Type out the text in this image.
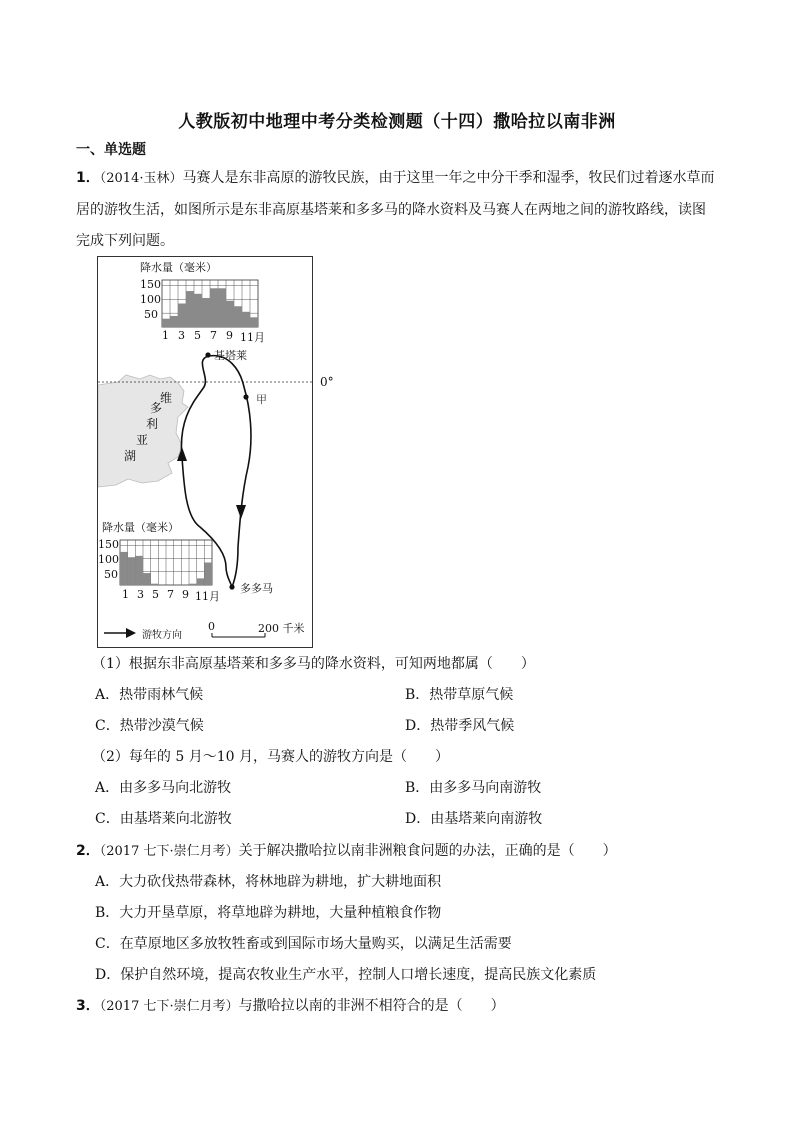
人教版初中地理中考分类检测题（十四）撒哈拉以南非洲
一、单选题
1．（2014·玉林）马赛人是东非高原的游牧民族，由于这里一年之中分干季和湿季，牧民们过着逐水草而居的游牧生活，如图所示是东非高原基塔莱和多多马的降水资料及马赛人在两地之间的游牧路线，读图完成下列问题。
降水量（毫米）
150
100
50
1 3 5 7 9 11月
基塔莱
0°
甲
维
多
利
亚
湖
降水量（毫米）
150
100
50
1 3 5 7 9 11月
多多马
游牧方向
0	200 千米
（1）根据东非高原基塔莱和多多马的降水资料，可知两地都属（　　）
A．热带雨林气候	B．热带草原气候
C．热带沙漠气候	D．热带季风气候
（2）每年的 5 月～10 月，马赛人的游牧方向是（　　）
A．由多多马向北游牧	B．由多多马向南游牧
C．由基塔莱向北游牧	D．由基塔莱向南游牧
2．（2017 七下·崇仁月考）关于解决撒哈拉以南非洲粮食问题的办法，正确的是（　　）
A．大力砍伐热带森林，将林地辟为耕地，扩大耕地面积
B．大力开垦草原，将草地辟为耕地，大量种植粮食作物
C．在草原地区多放牧牲畜或到国际市场大量购买，以满足生活需要
D．保护自然环境，提高农牧业生产水平，控制人口增长速度，提高民族文化素质
3．（2017 七下·崇仁月考）与撒哈拉以南的非洲不相符合的是（　　）
